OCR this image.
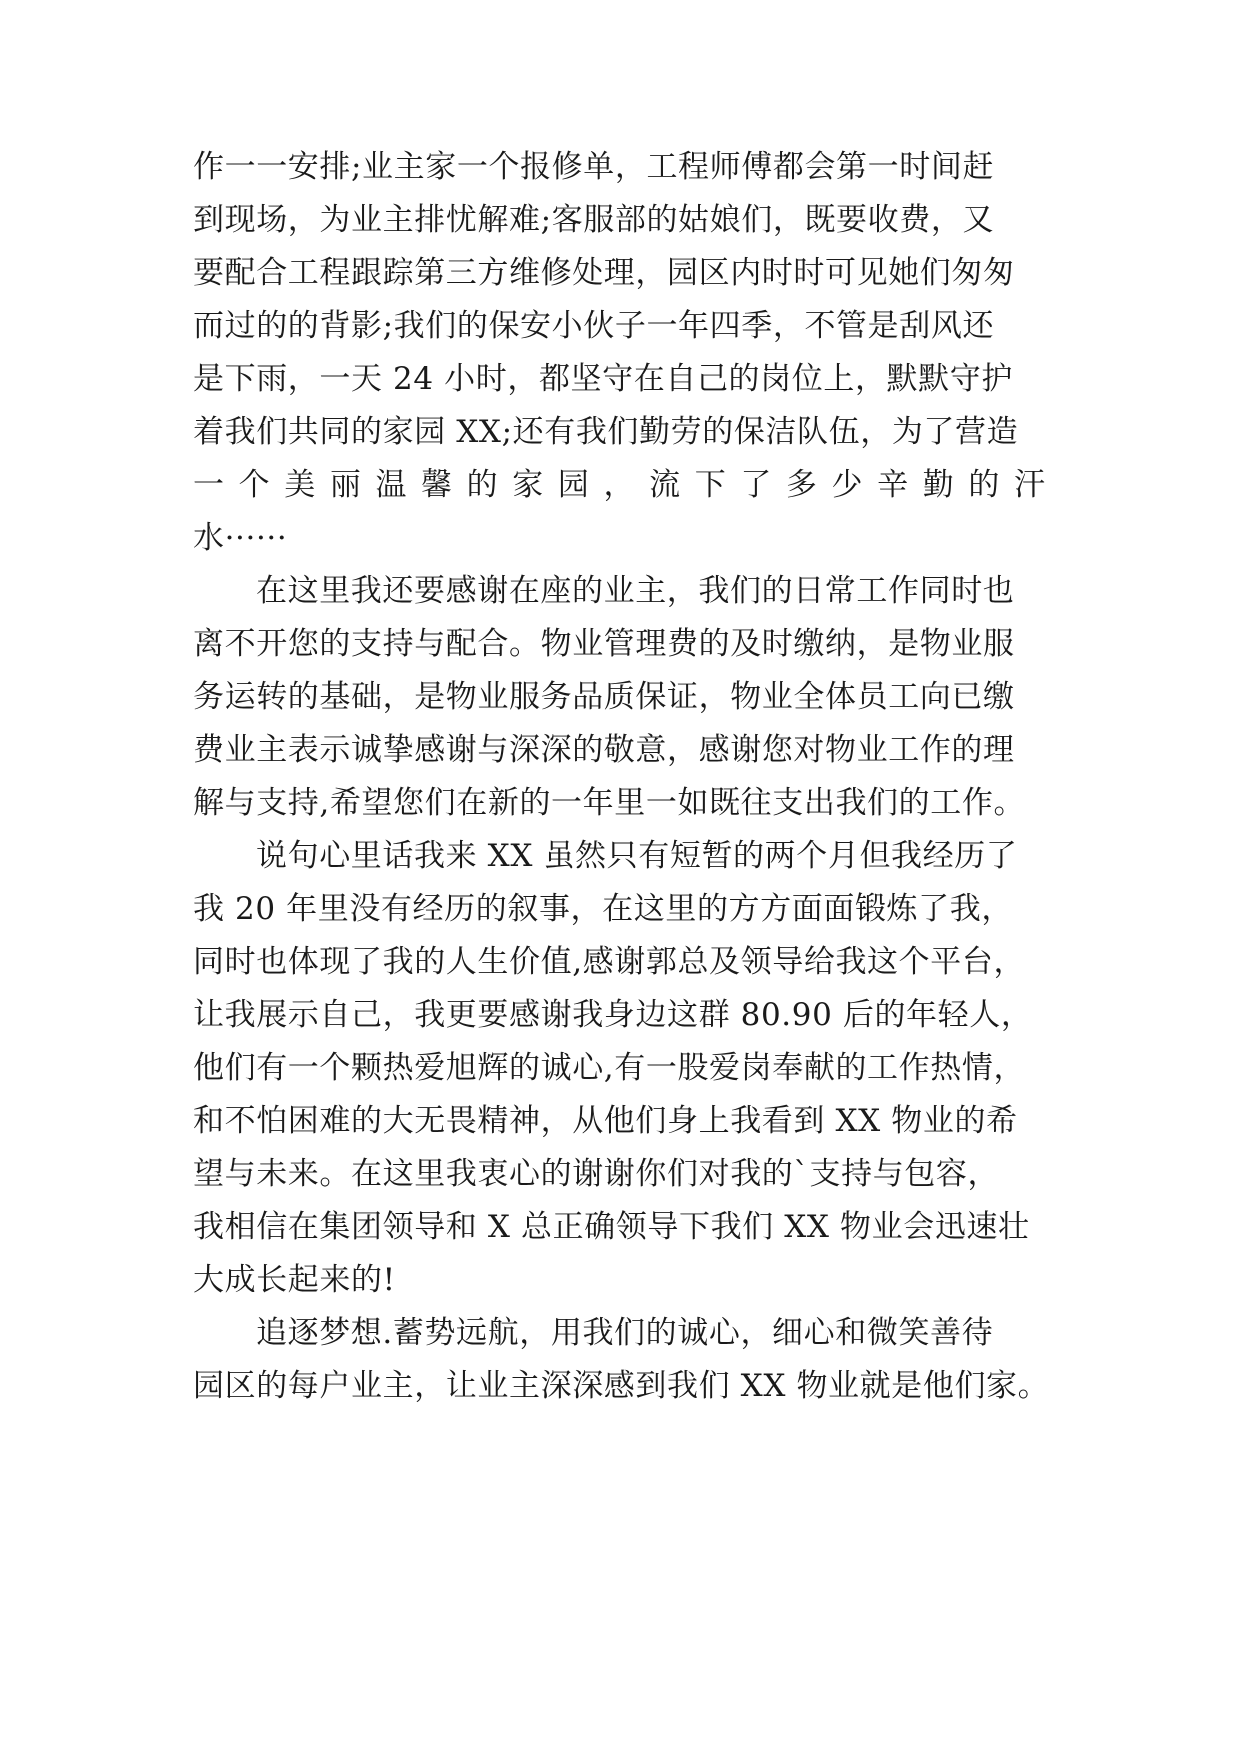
作一一安排;业主家一个报修单，工程师傅都会第一时间赶
到现场，为业主排忧解难;客服部的姑娘们，既要收费，又
要配合工程跟踪第三方维修处理，园区内时时可见她们匆匆
而过的的背影;我们的保安小伙子一年四季，不管是刮风还
是下雨，一天 24 小时，都坚守在自己的岗位上，默默守护
着我们共同的家园 XX;还有我们勤劳的保洁队伍，为了营造
一 个 美 丽 温 馨 的 家 园 ， 流 下 了 多 少 辛 勤 的 汗
水······
在这里我还要感谢在座的业主，我们的日常工作同时也
离不开您的支持与配合。物业管理费的及时缴纳，是物业服
务运转的基础，是物业服务品质保证，物业全体员工向已缴
费业主表示诚挚感谢与深深的敬意，感谢您对物业工作的理
解与支持,希望您们在新的一年里一如既往支出我们的工作。
说句心里话我来 XX 虽然只有短暂的两个月但我经历了
我 20 年里没有经历的叙事，在这里的方方面面锻炼了我，
同时也体现了我的人生价值,感谢郭总及领导给我这个平台，
让我展示自己，我更要感谢我身边这群 80.90 后的年轻人，
他们有一个颗热爱旭辉的诚心,有一股爱岗奉献的工作热情，
和不怕困难的大无畏精神，从他们身上我看到 XX 物业的希
望与未来。在这里我衷心的谢谢你们对我的`支持与包容，
我相信在集团领导和 X 总正确领导下我们 XX 物业会迅速壮
大成长起来的!
追逐梦想.蓄势远航，用我们的诚心，细心和微笑善待
园区的每户业主，让业主深深感到我们 XX 物业就是他们家。
